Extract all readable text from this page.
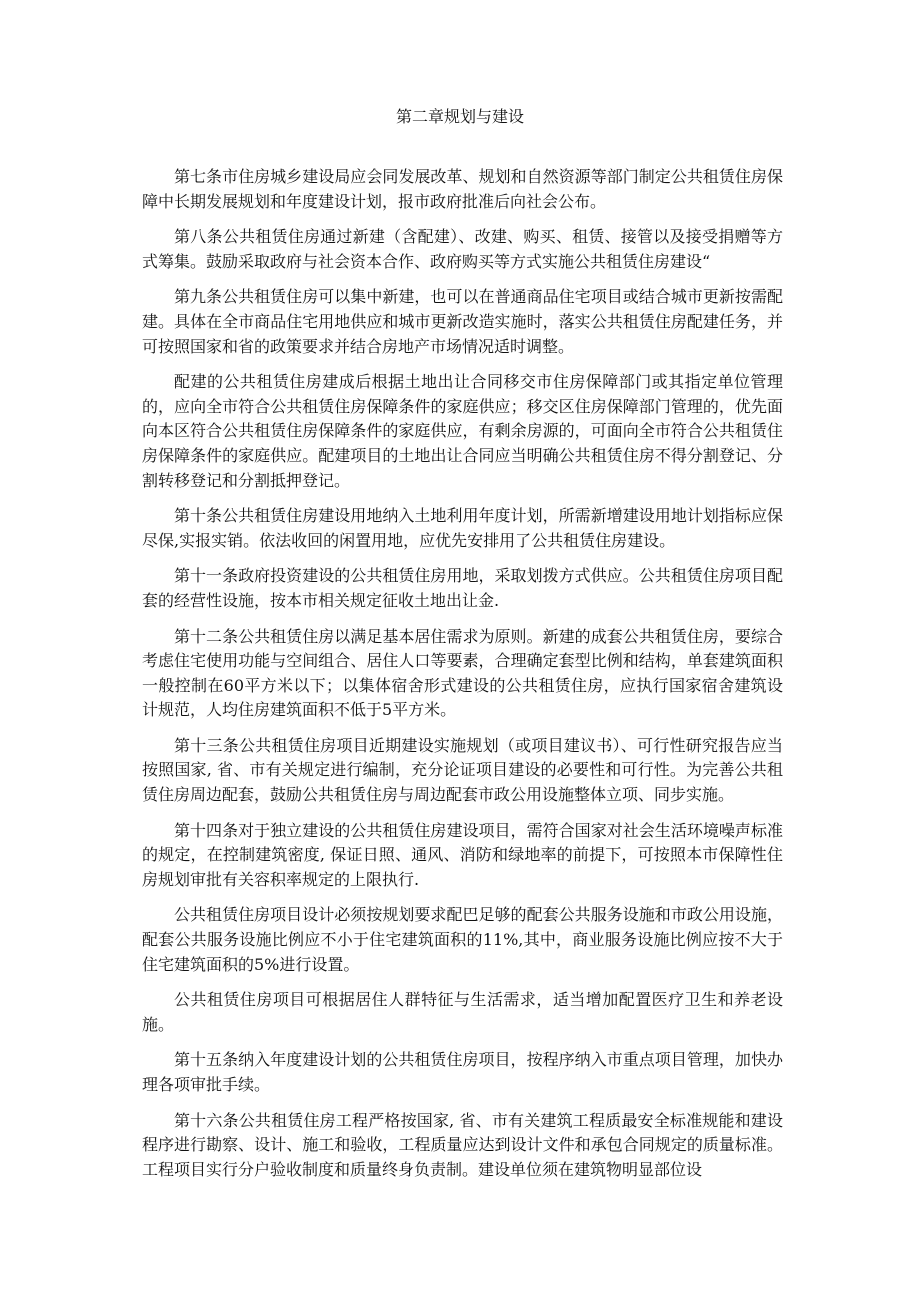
第二章规划与建设

第七条市住房城乡建设局应会同发展改革、规划和自然资源等部门制定公共租赁住房保障中长期发展规划和年度建设计划，报市政府批准后向社会公布。

第八条公共租赁住房通过新建（含配建）、改建、购买、租赁、接管以及接受捐赠等方式筹集。鼓励采取政府与社会资本合作、政府购买等方式实施公共租赁住房建设“

第九条公共租赁住房可以集中新建，也可以在普通商品住宅项目或结合城市更新按需配建。具体在全市商品住宅用地供应和城市更新改造实施时，落实公共租赁住房配建任务，并可按照国家和省的政策要求并结合房地产市场情况适时调整。

配建的公共租赁住房建成后根据土地出让合同移交市住房保障部门或其指定单位管理的，应向全市符合公共租赁住房保障条件的家庭供应；移交区住房保障部门管理的，优先面向本区符合公共租赁住房保障条件的家庭供应，有剩余房源的，可面向全市符合公共租赁住房保障条件的家庭供应。配建项目的土地出让合同应当明确公共租赁住房不得分割登记、分割转移登记和分割抵押登记。

第十条公共租赁住房建设用地纳入土地利用年度计划，所需新增建设用地计划指标应保尽保,实报实销。依法收回的闲置用地，应优先安排用了公共租赁住房建设。

第十一条政府投资建设的公共租赁住房用地，采取划拨方式供应。公共租赁住房项目配套的经营性设施，按本市相关规定征收土地出让金.

第十二条公共租赁住房以满足基本居住需求为原则。新建的成套公共租赁住房，要综合考虑住宅使用功能与空间组合、居住人口等要素，合理确定套型比例和结构，单套建筑面积一般控制在60平方米以下；以集体宿舍形式建设的公共租赁住房，应执行国家宿舍建筑设计规范，人均住房建筑面积不低于5平方米。

第十三条公共租赁住房项目近期建设实施规划（或项目建议书）、可行性研究报告应当按照国家, 省、市有关规定进行编制，充分论证项目建设的必要性和可行性。为完善公共租赁住房周边配套，鼓励公共租赁住房与周边配套市政公用设施整体立项、同步实施。

第十四条对于独立建设的公共租赁住房建设项目，需符合国家对社会生活环境噪声标准的规定，在控制建筑密度, 保证日照、通风、消防和绿地率的前提下，可按照本市保障性住房规划审批有关容积率规定的上限执行.

公共租赁住房项目设计必须按规划要求配巴足够的配套公共服务设施和市政公用设施，配套公共服务设施比例应不小于住宅建筑面积的11%,其中，商业服务设施比例应按不大于住宅建筑面积的5%进行设置。

公共租赁住房项目可根据居住人群特征与生活需求，适当增加配置医疗卫生和养老设施。

第十五条纳入年度建设计划的公共租赁住房项目，按程序纳入市重点项目管理，加快办理各项审批手续。

第十六条公共租赁住房工程严格按国家, 省、市有关建筑工程质最安全标准规能和建设程序进行勘察、设计、施工和验收，工程质量应达到设计文件和承包合同规定的质量标准。工程项目实行分户验收制度和质量终身负责制。建设单位须在建筑物明显部位设
